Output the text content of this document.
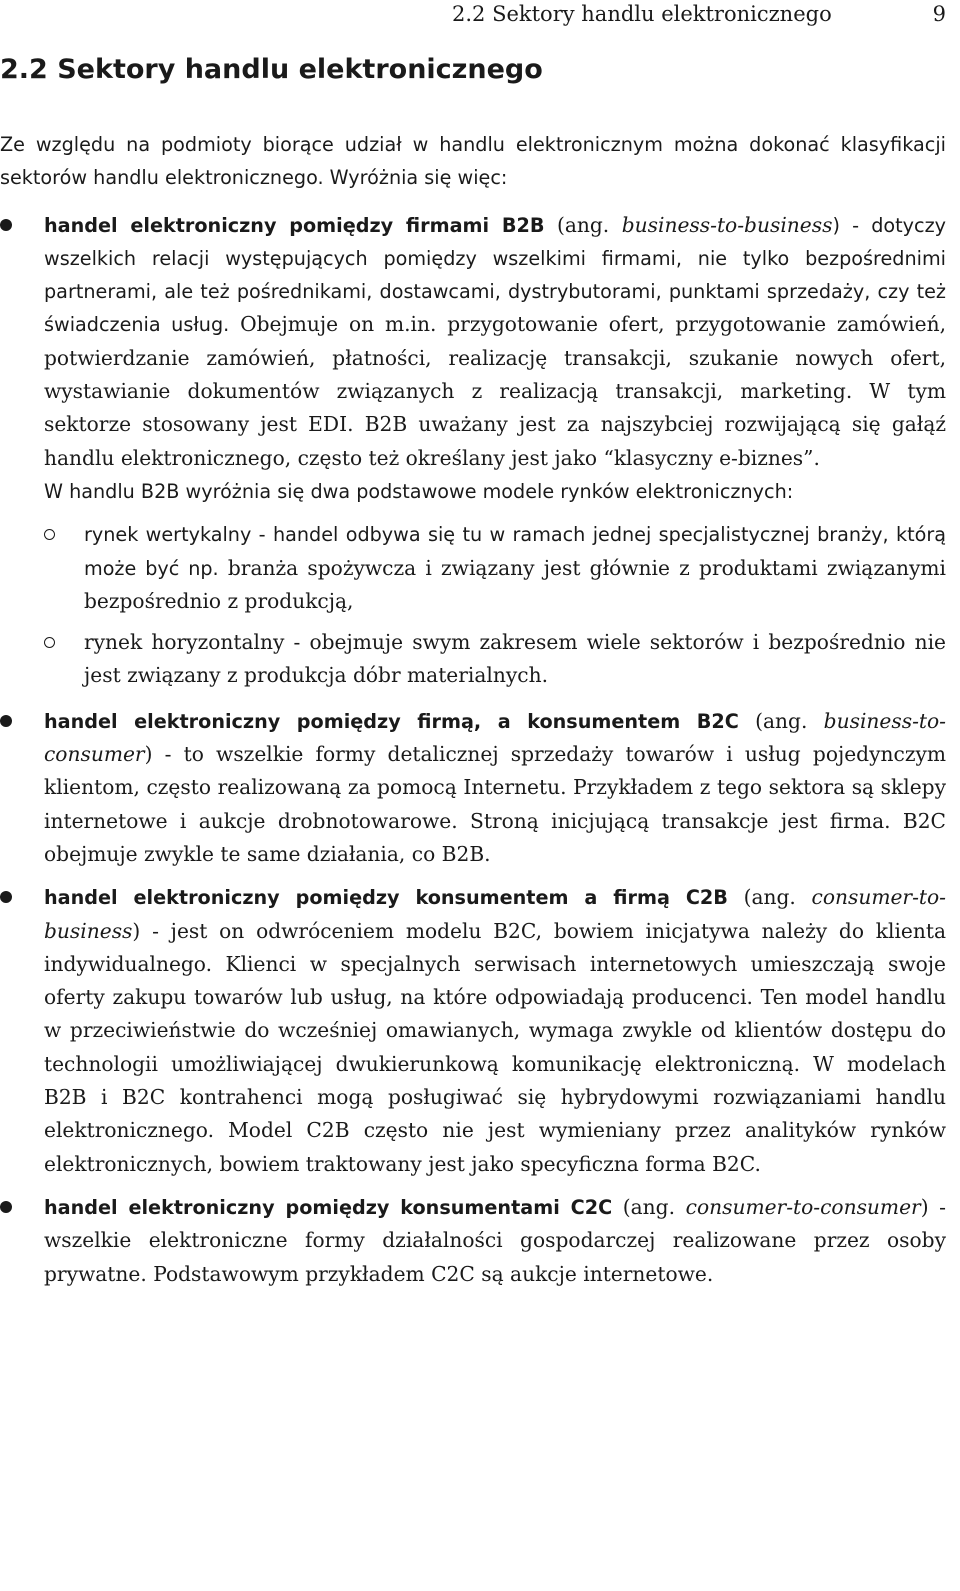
2.2 Sektory handlu elektronicznego	9
2.2 Sektory handlu elektronicznego

Ze względu na podmioty biorące udział w handlu elektronicznym można dokonać klasyfikacji sektorów handlu elektronicznego. Wyróżnia się więc:

handel elektroniczny pomiędzy firmami B2B (ang. business-to-business) - dotyczy wszelkich relacji występujących pomiędzy wszelkimi firmami, nie tylko bezpośrednimi partnerami, ale też pośrednikami, dostawcami, dystrybutorami, punktami sprzedaży, czy też świadczenia usług. Obejmuje on m.in. przygotowanie ofert, przygotowanie zamówień, potwierdzanie zamówień, płatności, realizację transakcji, szukanie nowych ofert, wystawianie dokumentów związanych z realizacją transakcji, marketing. W tym sektorze stosowany jest EDI. B2B uważany jest za najszybciej rozwijającą się gałąź handlu elektronicznego, często też określany jest jako “klasyczny e-biznes”.

W handlu B2B wyróżnia się dwa podstawowe modele rynków elektronicznych:

rynek wertykalny - handel odbywa się tu w ramach jednej specjalistycznej branży, którą może być np. branża spożywcza i związany jest głównie z produktami związanymi bezpośrednio z produkcją,
rynek horyzontalny - obejmuje swym zakresem wiele sektorów i bezpośrednio nie jest związany z produkcja dóbr materialnych.
handel elektroniczny pomiędzy firmą, a konsumentem B2C (ang. business-to-consumer) - to wszelkie formy detalicznej sprzedaży towarów i usług pojedynczym klientom, często realizowaną za pomocą Internetu. Przykładem z tego sektora są sklepy internetowe i aukcje drobnotowarowe. Stroną inicjującą transakcje jest firma. B2C obejmuje zwykle te same działania, co B2B.
handel elektroniczny pomiędzy konsumentem a firmą C2B (ang. consumer-to-business) - jest on odwróceniem modelu B2C, bowiem inicjatywa należy do klienta indywidualnego. Klienci w specjalnych serwisach internetowych umieszczają swoje oferty zakupu towarów lub usług, na które odpowiadają producenci. Ten model handlu w przeciwieństwie do wcześniej omawianych, wymaga zwykle od klientów dostępu do technologii umożliwiającej dwukierunkową komunikację elektroniczną. W modelach B2B i B2C kontrahenci mogą posługiwać się hybrydowymi rozwiązaniami handlu elektronicznego. Model C2B często nie jest wymieniany przez analityków rynków elektronicznych, bowiem traktowany jest jako specyficzna forma B2C.
handel elektroniczny pomiędzy konsumentami C2C (ang. consumer-to-consumer) - wszelkie elektroniczne formy działalności gospodarczej realizowane przez osoby prywatne. Podstawowym przykładem C2C są aukcje internetowe.
